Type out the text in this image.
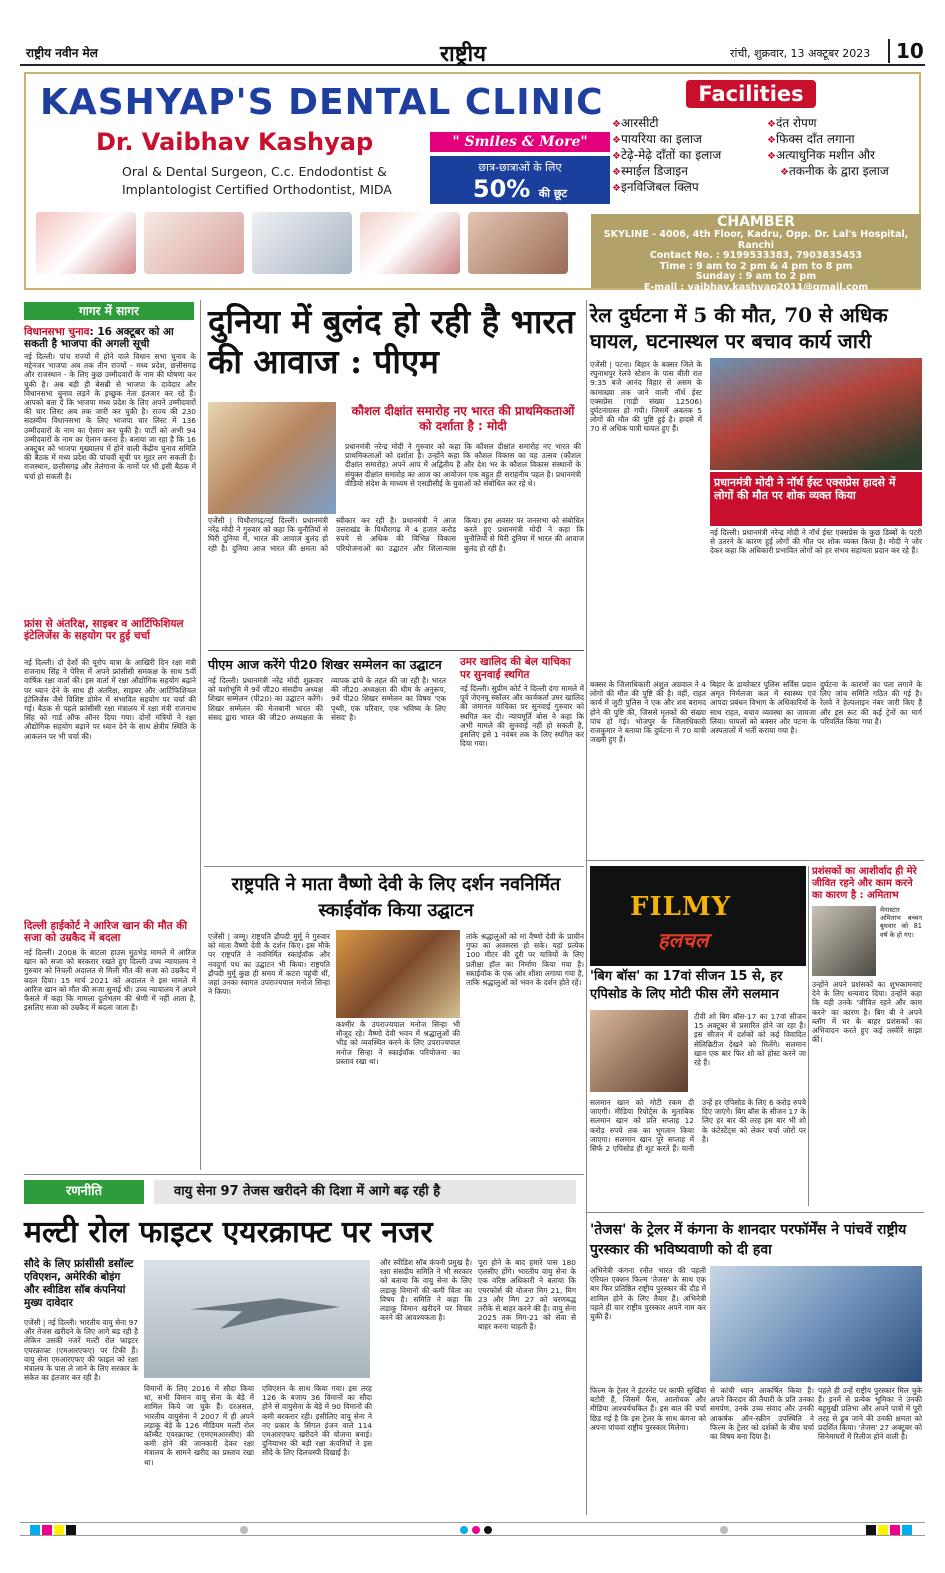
राष्ट्रीय नवीन मेल	राष्ट्रीय	रांची, शुक्रवार, 13 अक्टूबर 2023	10
KASHYAP'S DENTAL CLINIC
Dr. Vaibhav Kashyap	" Smiles & More"
Oral & Dental Surgeon, C.c. Endodontist &
Implantologist Certified Orthodontist, MIDA
छात्र-छात्राओं के लिए
50% की छूट
Facilities
❖ आरसीटी	❖ दंत रोपण
❖ पायरिया का इलाज	❖ फिक्स दाँत लगाना
❖ टेढ़े-मेढ़े दाँतों का इलाज	❖ अत्याधुनिक मशीन और
❖ स्माईल डिजाइन	❖ तकनीक के द्वारा इलाज
❖ इनविजिबल क्लिप
CHAMBER
SKYLINE - 4006, 4th Floor, Kadru, Opp. Dr. Lal's Hospital, Ranchi
Contact No. : 9199533383, 7903835453
Time : 9 am to 2 pm & 4 pm to 8 pm
Sunday : 9 am to 2 pm
E-mail : vaibhav.kashyap2011@gmail.com
गागर में सागर
विधानसभा चुनाव: 16 अक्टूबर को आ सकती है भाजपा की अगली सूची

नई दिल्ली। पांच राज्यों में होने वाले विधान सभा चुनाव के मद्देनजर भाजपा अब तक तीन राज्यों - मध्य प्रदेश, छत्तीसगढ़ और राजस्थान - के लिए कुछ उम्मीदवारों के नाम की घोषणा कर चुकी है। अब बड़ी ही बेसब्री से भाजपा के दावेदार और विधानसभा चुनाव लड़ने के इच्छुक नेता इंतजार कर रहे हैं। आपको बता दें कि भाजपा मध्य प्रदेश के लिए अपने उम्मीदवारों की चार लिस्ट अब तक जारी कर चुकी है। राज्य की 230 सदस्यीय विधानसभा के लिए भाजपा चार लिस्ट में 136 उम्मीदवारों के नाम का ऐलान कर चुकी है। पार्टी को अभी 94 उम्मीदवारों के नाम का ऐलान करना है। बताया जा रहा है कि 16 अक्टूबर को भाजपा मुख्यालय में होने वाली केंद्रीय चुनाव समिति की बैठक में मध्य प्रदेश की पांचवीं सूची पर मुहर लग सकती है। राजस्थान, छत्तीसगढ़ और तेलंगाना के नामों पर भी इसी बैठक में चर्चा हो सकती है।

फ्रांस से अंतरिक्ष, साइबर व आर्टिफिशियल इंटेलिजेंस के सहयोग पर हुई चर्चा

नई दिल्ली। दो देशों की यूरोप यात्रा के आखिरी दिन रक्षा मंत्री राजनाथ सिंह ने पेरिस में अपने फ्रांसीसी समकक्ष के साथ 5वीं वार्षिक रक्षा वार्ता की। इस वार्ता में रक्षा औद्योगिक सहयोग बढ़ाने पर ध्यान देने के साथ ही अंतरिक्ष, साइबर और आर्टिफिशियल इंटेलिजेंस जैसे विशिष्ट डोमेन में संभावित सहयोग पर चर्चा की गई। बैठक से पहले फ्रांसीसी रक्षा मंत्रालय में रक्षा मंत्री राजनाथ सिंह को गार्ड ऑफ ऑनर दिया गया। दोनों मंत्रियों ने रक्षा औद्योगिक सहयोग बढ़ाने पर ध्यान देने के साथ क्षेत्रीय स्थिति के आकलन पर भी चर्चा की।

दिल्ली हाईकोर्ट ने आरिज खान की मौत की सजा को उम्रकैद में बदला

नई दिल्ली। 2008 के बाटला हाउस मुठभेड़ मामले में आरिज खान को सजा को बरकरार रखते हुए दिल्ली उच्च न्यायालय ने गुरुवार को निचली अदालत से मिली मौत की सजा को उम्रकैद में बदल दिया। 15 मार्च 2021 को अदालत ने इस मामले में आरिज खान को मौत की सजा सुनाई थी। उच्च न्यायालय ने अपने फैसले में कहा कि मामला दुर्लभतम की श्रेणी में नहीं आता है, इसलिए सजा को उम्रकैद में बदला जाता है।

दुनिया में बुलंद हो रही है भारत की आवाज : पीएम
कौशल दीक्षांत समारोह नए भारत की प्राथमिकताओं को दर्शाता है : मोदी

प्रधानमंत्री नरेन्द्र मोदी ने गुरुवार को कहा कि कौशल दीक्षांत समारोह नए भारत की प्राथमिकताओं को दर्शाता है। उन्होंने कहा कि कौशल विकास का यह उत्सव (कौशल दीक्षांत समारोह) अपने आप में अद्वितीय है और देश भर के कौशल विकास संस्थानों के संयुक्त दीक्षांत समारोह का आज का आयोजन एक बहुत ही सराहनीय पहल है। प्रधानमंत्री वीडियो संदेश के माध्यम से एसडीसीई के युवाओं को संबोधित कर रहे थे।

एजेंसी | पिथौरागढ़/नई दिल्ली। प्रधानमंत्री नरेंद्र मोदी ने गुरुवार को कहा कि चुनौतियों से घिरी दुनिया में, भारत की आवाज बुलंद हो रही है। दुनिया आज भारत की क्षमता को स्वीकार कर रही है। प्रधानमंत्री ने आज उत्तराखंड के पिथौरागढ़ में 4 हजार करोड़ रुपये से अधिक की विभिन्न विकास परियोजनाओं का उद्घाटन और शिलान्यास किया। इस अवसर पर जनसभा को संबोधित करते हुए प्रधानमंत्री मोदी ने कहा कि चुनौतियों से घिरी दुनिया में भारत की आवाज बुलंद हो रही है।

पीएम आज करेंगे पी20 शिखर सम्मेलन का उद्घाटन

नई दिल्ली। प्रधानमंत्री नरेंद्र मोदी शुक्रवार को यशोभूमि में 9वें जी20 संसदीय अध्यक्ष शिखर सम्मेलन (पी20) का उद्घाटन करेंगे। शिखर सम्मेलन की मेजबानी भारत की संसद द्वारा भारत की जी20 अध्यक्षता के व्यापक ढांचे के तहत की जा रही है। भारत की जी20 अध्यक्षता की थीम के अनुरूप, 9वें पी20 शिखर सम्मेलन का विषय 'एक पृथ्वी, एक परिवार, एक भविष्य के लिए संसद' है।

उमर खालिद की बेल याचिका पर सुनवाई स्थगित

नई दिल्ली। सुप्रीम कोर्ट ने दिल्ली दंगा मामले में पूर्व जेएनयू स्कॉलर और कार्यकर्ता उमर खालिद की जमानत याचिका पर सुनवाई गुरुवार को स्थगित कर दी। न्यायमूर्ति बोस ने कहा कि अभी मामले की सुनवाई नहीं हो सकती है, इसलिए इसे 1 नवंबर तक के लिए स्थगित कर दिया गया।

रेल दुर्घटना में 5 की मौत, 70 से अधिक घायल, घटनास्थल पर बचाव कार्य जारी

एजेंसी | पटना। बिहार के बक्सर जिले के रघुनाथपुर रेलवे स्टेशन के पास बीती रात 9:35 बजे आनंद विहार से असम के कामाख्या तक जाने वाली नॉर्थ ईस्ट एक्सप्रेस (गाड़ी संख्या 12506) दुर्घटनाग्रस्त हो गयी। जिसमें अबतक 5 लोगों की मौत की पुष्टि हुई है। हादसे में 70 से अधिक यात्री घायल हुए हैं।

प्रधानमंत्री मोदी ने नॉर्थ ईस्ट एक्सप्रेस हादसे में लोगों की मौत पर शोक व्यक्त किया

नई दिल्ली। प्रधानमंत्री नरेन्द्र मोदी ने नॉर्थ ईस्ट एक्सप्रेस के कुछ डिब्बों के पटरी से उतरने के कारण हुई लोगों की मौत पर शोक व्यक्त किया है। मोदी ने जोर देकर कहा कि अधिकारी प्रभावित लोगों को हर संभव सहायता प्रदान कर रहे हैं।

बक्सर के जिलाधिकारी अंशुल अग्रवाल ने 4 लोगों की मौत की पुष्टि की है। वहीं, राहत कार्य में जुटी पुलिस ने एक और शव बरामद होने की पुष्टि की, जिससे मृतकों की संख्या पांच हो गई। भोजपुर के जिलाधिकारी राजकुमार ने बताया कि दुर्घटना में 70 यात्री जख्मी हुए हैं।

बिहार के डायरेक्टर पुलिस सर्विस प्रदान अमृत निर्मलजा कल में स्वास्थ्य एवं आपदा प्रबंधन विभाग के अधिकारियों के साथ राहत, बचाव व्यवस्था का जायजा लिया। घायलों को बक्सर और पटना के अस्पतालों में भर्ती कराया गया है।

दुर्घटना के कारणों का पता लगाने के लिए जांच समिति गठित की गई है। रेलवे ने हेल्पलाइन नंबर जारी किए हैं और इस रूट की कई ट्रेनों का मार्ग परिवर्तित किया गया है।

राष्ट्रपति ने माता वैष्णो देवी के लिए दर्शन नवनिर्मित स्काईवॉक किया उद्घाटन

एजेंसी | जम्मू। राष्ट्रपति द्रौपदी मुर्मू ने गुरुवार को माता वैष्णो देवी के दर्शन किए। इस मौके पर राष्ट्रपति ने नवनिर्मित स्काईवॉक और नवदुर्गा पथ का उद्घाटन भी किया। राष्ट्रपति द्रौपदी मुर्मू कुछ ही समय में कटरा पहुंची थीं, जहां उनका स्वागत उपराज्यपाल मनोज सिन्हा ने किया।

कश्मीर के उपराज्यपाल मनोज सिन्हा भी मौजूद रहे। वैष्णो देवी भवन में श्रद्धालुओं की भीड़ को व्यवस्थित करने के लिए उपराज्यपाल मनोज सिन्हा ने स्काईवॉक परियोजना का प्रस्ताव रखा था।

तांके श्रद्धालुओं को मां वैष्णो देवी के प्राचीन गुफा का अवसरस हो सके। यहां प्रत्येक 100 मीटर की दूरी पर यात्रियों के लिए प्रतीक्षा हॉल का निर्माण किया गया है। स्काईवॉक के एक ओर शीशा लगाया गया है, ताकि श्रद्धालुओं को भवन के दर्शन होते रहें।

FILMY
हलचल
'बिग बॉस' का 17वां सीजन 15 से, हर एपिसोड के लिए मोटी फीस लेंगे सलमान

टीवी शो बिग बॉस-17 का 17वां सीजन 15 अक्टूबर से प्रसारित होने जा रहा है। इस सीजन में दर्शकों को कई विवादित सेलिब्रिटीज देखने को मिलेंगे। सलमान खान एक बार फिर शो को होस्ट करने जा रहे हैं।

सलमान खान को मोटी रकम दी जाएगी। मीडिया रिपोर्ट्स के मुताबिक सलमान खान को प्रति सप्ताह 12 करोड़ रुपये तक का भुगतान किया जाएगा। सलमान खान पूरे सप्ताह में सिर्फ 2 एपिसोड ही शूट करते हैं। यानी उन्हें हर एपिसोड के लिए 6 करोड़ रुपये दिए जाएंगे। बिग बॉस के सीजन 17 के लिए हर बार की तरह इस बार भी शो के कंटेस्टेंट्स को लेकर चर्चा जोरों पर है।

प्रशंसकों का आशीर्वाद ही मेरे जीवित रहने और काम करने का कारण है : अमिताभ

मेगास्टार अमिताभ बच्चन बुधवार को 81 वर्ष के हो गए।

उन्होंने अपने प्रशंसकों का शुभकामनाएं देने के लिए धन्यवाद दिया। उन्होंने कहा कि यही उनके 'जीवित रहने और काम करने' का कारण है। बिग बी ने अपने ब्लॉग में घर के बाहर प्रशंसकों का अभिवादन करते हुए कई तस्वीरें साझा कीं।

रणनीति	वायु सेना 97 तेजस खरीदने की दिशा में आगे बढ़ रही है
मल्टी रोल फाइटर एयरक्राफ्ट पर नजर
सौदे के लिए फ्रांसीसी डसॉल्ट एविएशन, अमेरिकी बोइंग और स्वीडिश सॉब कंपनियां मुख्य दावेदार

एजेंसी | नई दिल्ली। भारतीय वायु सेना 97 और तेजस खरीदने के लिए आगे बढ़ रही है लेकिन उसकी नजरें मल्टी रोल फाइटर एयरक्राफ्ट (एमआरएफए) पर टिकी हैं। वायु सेना एमआरएफए की फाइल को रक्षा मंत्रालय के पास ले जाने के लिए सरकार के संकेत का इंतजार कर रही है।

विमानों के लिए 2016 में सौदा किया था, सभी विमान वायु सेना के बेड़े में शामिल किये जा चुके हैं। दरअसल, भारतीय वायुसेना ने 2007 में ही अपने लड़ाकू बेड़े के 126 मीडियम मल्टी रोल कॉम्बैट एयरक्राफ्ट (एमएमआरसीए) की कमी होने की जानकारी देकर रक्षा मंत्रालय के सामने खरीद का प्रस्ताव रखा था।

एविएशन के साथ किया गया। इस तरह 126 के बजाय 36 विमानों का सौदा होने से वायुसेना के बेड़े में 90 विमानों की कमी बरकरार रही। इसीलिए वायु सेना ने नए प्रकार के सिंगल इंजन वाले 114 एमआरएफए खरीदने की योजना बनाई। दुनियाभर की बड़ी रक्षा कंपनियों ने इस सौदे के लिए दिलचस्पी दिखाई है।

और स्वीडिश सॉब कंपनी प्रमुख है। रक्षा संसदीय समिति ने भी सरकार को बताया कि वायु सेना के लिए लड़ाकू विमानों की कमी चिंता का विषय है। समिति ने कहा कि लड़ाकू विमान खरीदने पर विचार करने की आवश्यकता है।

पूरा होने के बाद हमारे पास 180 एलसीए होंगे। भारतीय वायु सेना के एक वरिष्ठ अधिकारी ने बताया कि एयरफोर्स की योजना मिग 21, मिग 23 और मिग 27 को चरणबद्ध तरीके से बाहर करने की है। वायु सेना 2025 तक मिग-21 को सेवा से बाहर करना चाहती है।

'तेजस' के ट्रेलर में कंगना के शानदार परफॉर्मेंस ने पांचवें राष्ट्रीय पुरस्कार की भविष्यवाणी को दी हवा

अभिनेत्री कंगना रनौत भारत की पहली एरियल एक्शन फिल्म 'तेजस' के साथ एक बार फिर प्रतिष्ठित राष्ट्रीय पुरस्कार की दौड़ में शामिल होने के लिए तैयार हैं। अभिनेत्री पहले ही चार राष्ट्रीय पुरस्कार अपने नाम कर चुकी हैं।

फिल्म के ट्रेलर ने इंटरनेट पर काफी सुर्खियां बटोरी हैं, जिसमें फैंस, आलोचक और मीडिया आश्चर्यचकित हैं। इस बात की चर्चा छिड़ गई है कि इस ट्रेलर के साथ कंगना को अपना पांचवां राष्ट्रीय पुरस्कार मिलेगा।

से कांची ध्यान आकर्षित किया है। अपने किरदार की तैयारी के प्रति उनका समर्पण, उनके उच्च संवाद और उनकी आकर्षक ऑन-स्क्रीन उपस्थिति ने फिल्म के ट्रेलर को दर्शकों के बीच चर्चा का विषय बना दिया है।

पहले ही उन्हें राष्ट्रीय पुरस्कार मिल चुके हैं। इनमें से प्रत्येक भूमिका ने उनकी बहुमुखी प्रतिभा और अपने पात्रों में पूरी तरह से डूब जाने की उनकी क्षमता को प्रदर्शित किया। 'तेजस' 27 अक्टूबर को सिनेमाघरों में रिलीज होने वाली है।
